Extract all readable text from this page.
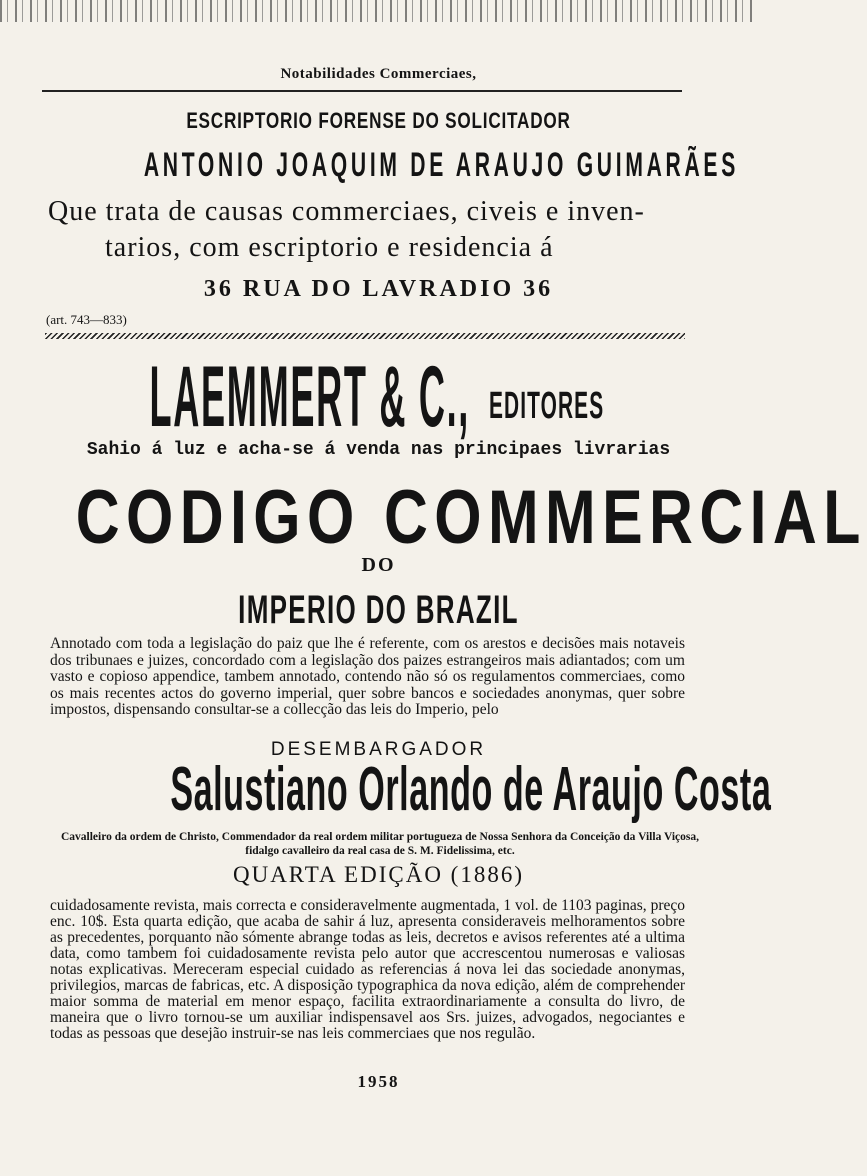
Notabilidades Commerciaes,
ESCRIPTORIO FORENSE DO SOLICITADOR
ANTONIO JOAQUIM DE ARAUJO GUIMARÃES
Que trata de causas commerciaes, civeis e inven-
tarios, com escriptorio e residencia á
36 RUA DO LAVRADIO 36
(art. 743—833)
LAEMMERT & C., EDITORES
Sahio á luz e acha-se á venda nas principaes livrarias
CODIGO COMMERCIAL
DO
IMPERIO DO BRAZIL
Annotado com toda a legislação do paiz que lhe é referente, com os arestos e decisões mais notaveis dos tribunaes e juizes, concordado com a legislação dos paizes estrangeiros mais adiantados; com um vasto e copioso appendice, tambem annotado, contendo não só os regulamentos commerciaes, como os mais recentes actos do governo imperial, quer sobre bancos e sociedades anonymas, quer sobre impostos, dispensando consultar-se a collecção das leis do Imperio, pelo
DESEMBARGADOR
Salustiano Orlando de Araujo Costa
Cavalleiro da ordem de Christo, Commendador da real ordem militar portugueza de Nossa Senhora da Conceição da Villa Viçosa, fidalgo cavalleiro da real casa de S. M. Fidelissima, etc.
QUARTA EDIÇÃO (1886)
cuidadosamente revista, mais correcta e consideravelmente augmentada, 1 vol. de 1103 paginas, preço enc. 10$. Esta quarta edição, que acaba de sahir á luz, apresenta consideraveis melhoramentos sobre as precedentes, porquanto não sómente abrange todas as leis, decretos e avisos referentes até a ultima data, como tambem foi cuidadosamente revista pelo autor que accrescentou numerosas e valiosas notas explicativas. Mereceram especial cuidado as referencias á nova lei das sociedade anonymas, privilegios, marcas de fabricas, etc. A disposição typographica da nova edição, além de comprehender maior somma de material em menor espaço, facilita extraordinariamente a consulta do livro, de maneira que o livro tornou-se um auxiliar indispensavel aos Srs. juizes, advogados, negociantes e todas as pessoas que desejão instruir-se nas leis commerciaes que nos regulão.
1958
